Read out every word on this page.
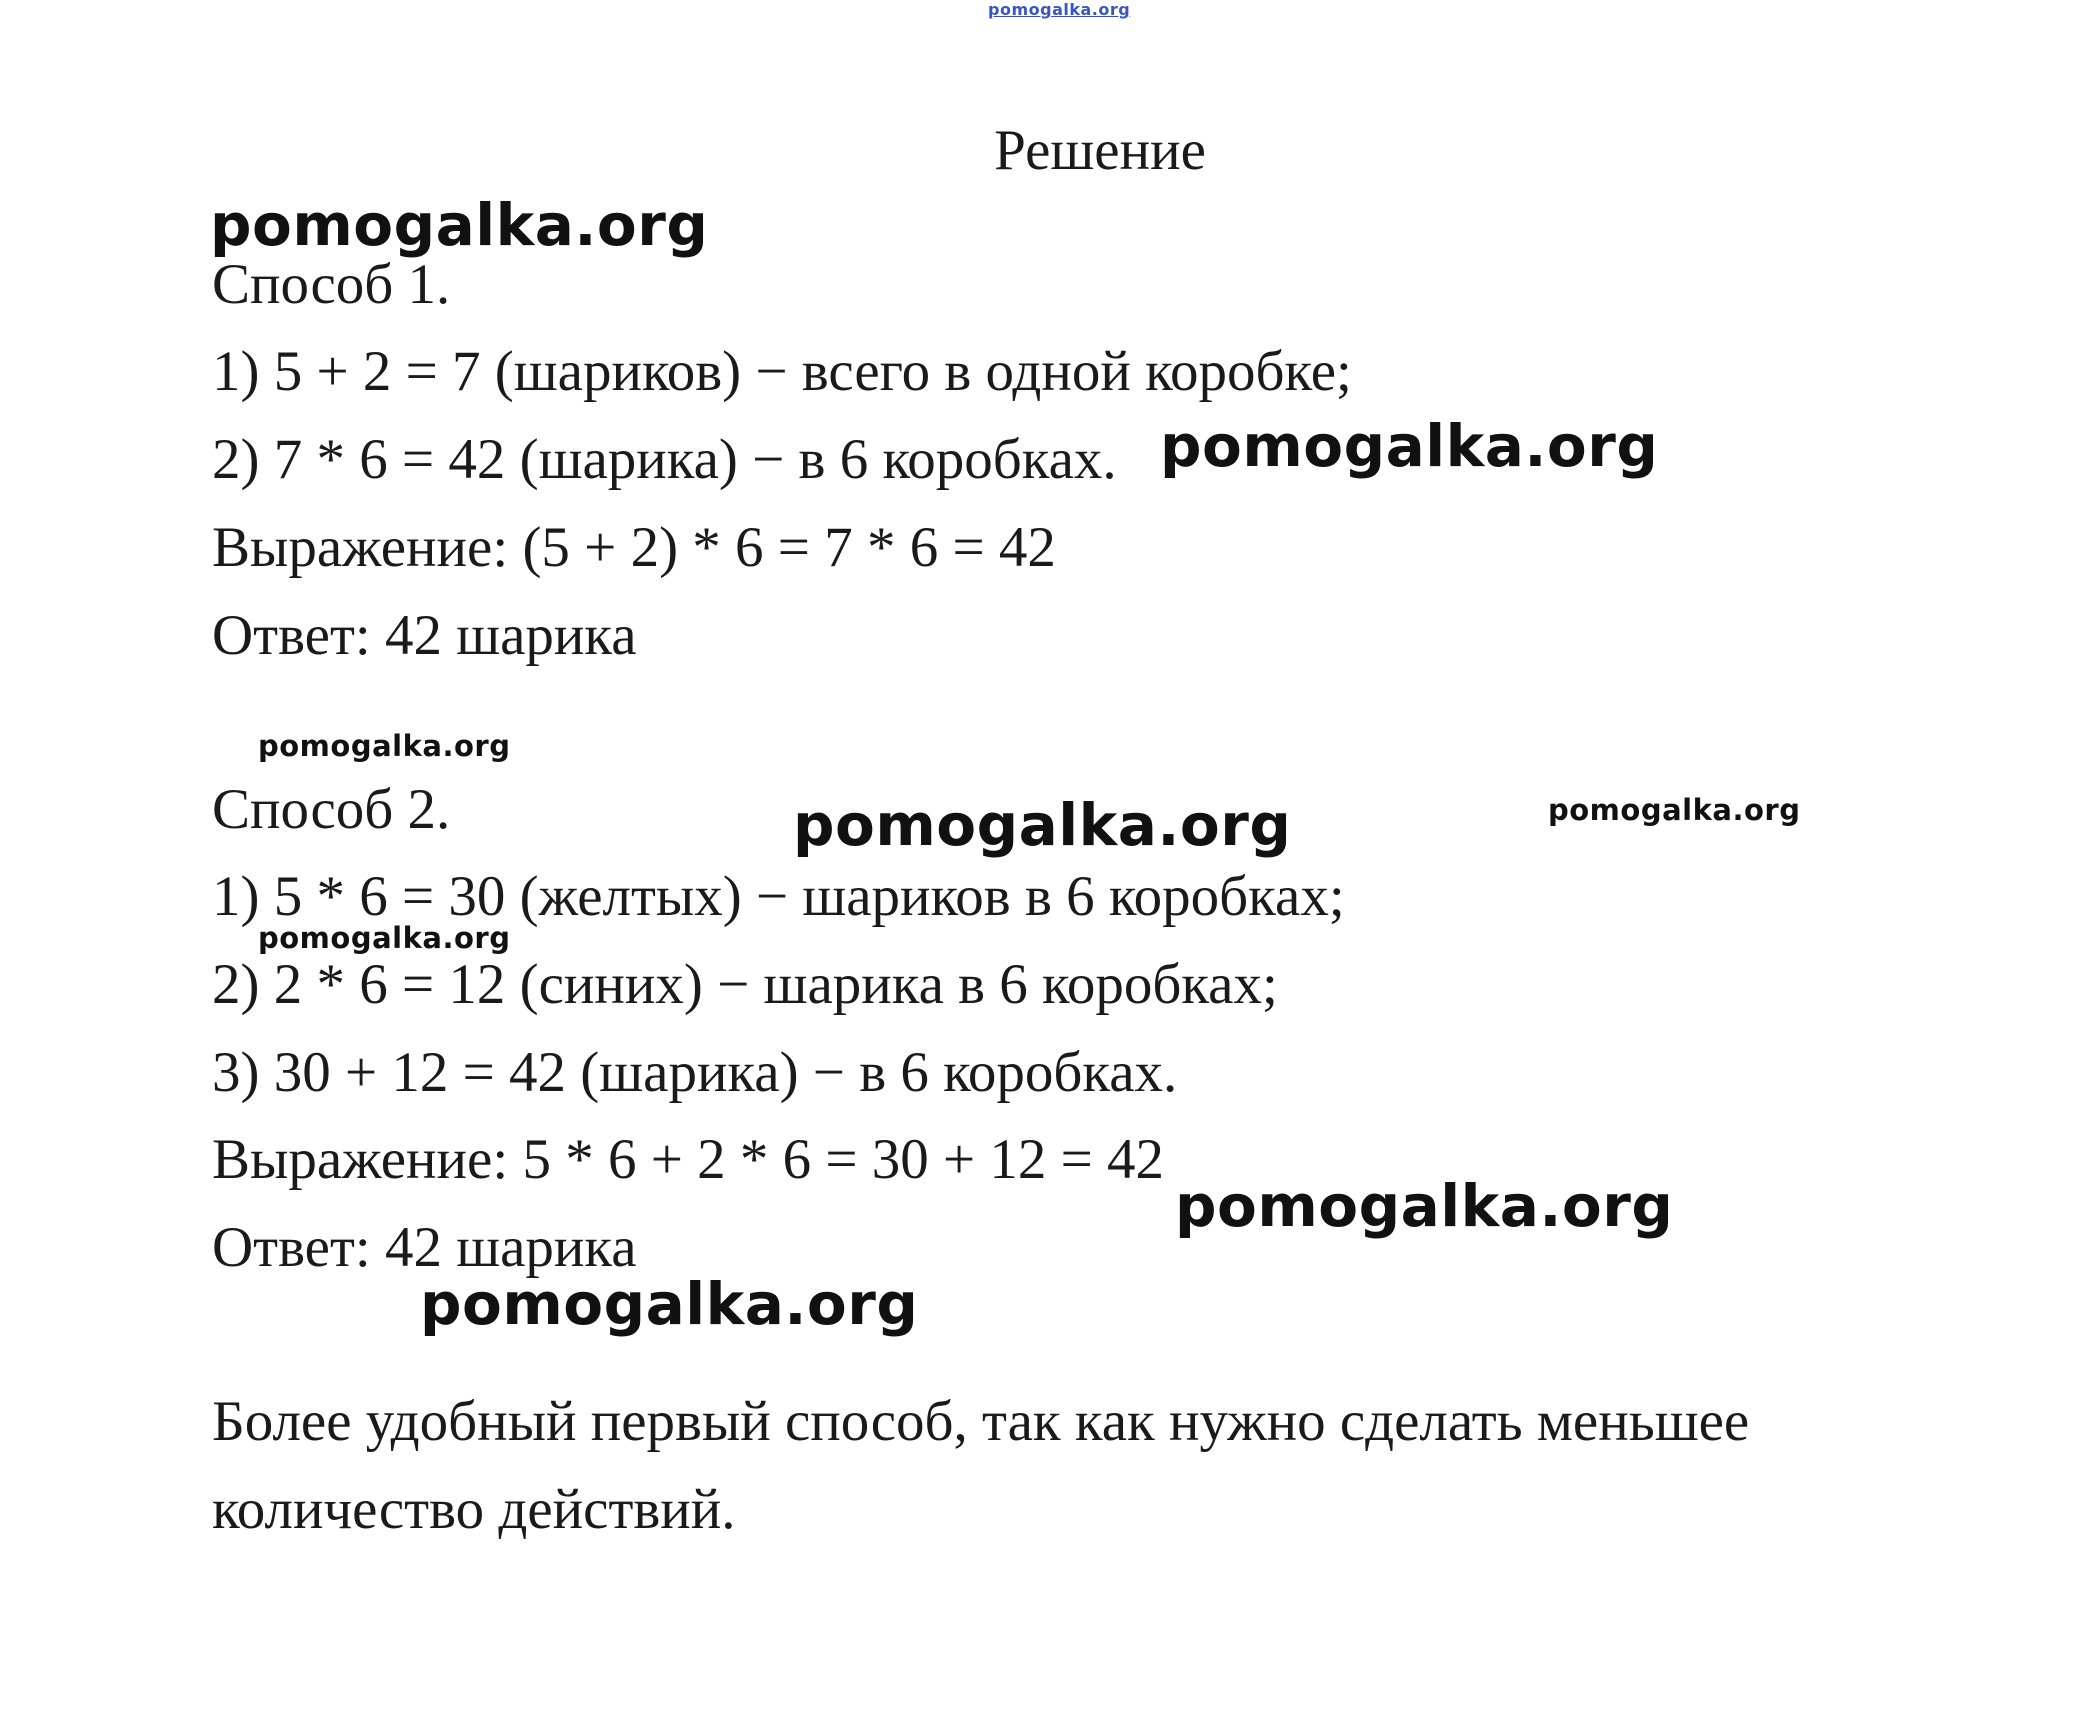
pomogalka.org
Решение
pomogalka.org
Способ 1.
1) 5 + 2 = 7 (шариков) − всего в одной коробке;
2) 7 * 6 = 42 (шарика) − в 6 коробках. pomogalka.org
Выражение: (5 + 2) * 6 = 7 * 6 = 42
Ответ: 42 шарика
pomogalka.org
Способ 2.	pomogalka.org	pomogalka.org
1) 5 * 6 = 30 (желтых) − шариков в 6 коробках;
pomogalka.org
2) 2 * 6 = 12 (синих) − шарика в 6 коробках;
3) 30 + 12 = 42 (шарика) − в 6 коробках.
Выражение: 5 * 6 + 2 * 6 = 30 + 12 = 42
pomogalka.org
Ответ: 42 шарика
pomogalka.org
Более удобный первый способ, так как нужно сделать меньшее
количество действий.
